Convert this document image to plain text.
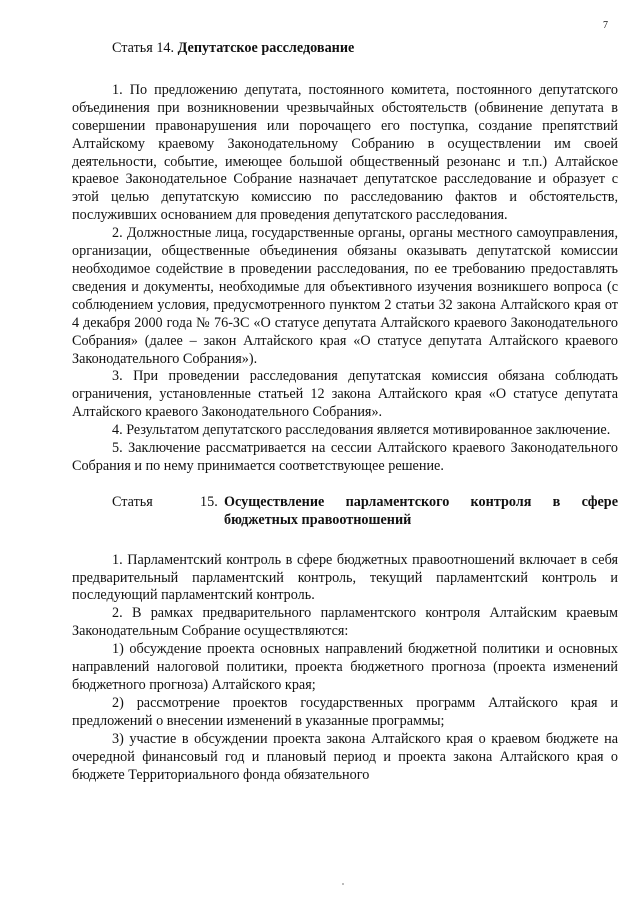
7
Статья 14. Депутатское расследование

1. По предложению депутата, постоянного комитета, постоянного депутатского объединения при возникновении чрезвычайных обстоятельств (обвинение депутата в совершении правонарушения или порочащего его поступка, создание препятствий Алтайскому краевому Законодательному Собранию в осуществлении им своей деятельности, событие, имеющее большой общественный резонанс и т.п.) Алтайское краевое Законодательное Собрание назначает депутатское расследование и образует с этой целью депутатскую комиссию по расследованию фактов и обстоятельств, послуживших основанием для проведения депутатского расследования.

2. Должностные лица, государственные органы, органы местного самоуправления, организации, общественные объединения обязаны оказывать депутатской комиссии необходимое содействие в проведении расследования, по ее требованию предоставлять сведения и документы, необходимые для объективного изучения возникшего вопроса (с соблюдением условия, предусмотренного пунктом 2 статьи 32 закона Алтайского края от 4 декабря 2000 года № 76-ЗС «О статусе депутата Алтайского краевого Законодательного Собрания» (далее – закон Алтайского края «О статусе депутата Алтайского краевого Законодательного Собрания»).

3. При проведении расследования депутатская комиссия обязана соблюдать ограничения, установленные статьей 12 закона Алтайского края «О статусе депутата Алтайского краевого Законодательного Собрания».

4. Результатом депутатского расследования является мотивированное заключение.

5. Заключение рассматривается на сессии Алтайского краевого Законодательного Собрания и по нему принимается соответствующее решение.

Статья	15. Осуществление парламентского контроля в сфере бюджетных правоотношений

1. Парламентский контроль в сфере бюджетных правоотношений включает в себя предварительный парламентский контроль, текущий парламентский контроль и последующий парламентский контроль.

2. В рамках предварительного парламентского контроля Алтайским краевым Законодательным Собрание осуществляются:

1) обсуждение проекта основных направлений бюджетной политики и основных направлений налоговой политики, проекта бюджетного прогноза (проекта изменений бюджетного прогноза) Алтайского края;

2) рассмотрение проектов государственных программ Алтайского края и предложений о внесении изменений в указанные программы;

3) участие в обсуждении проекта закона Алтайского края о краевом бюджете на очередной финансовый год и плановый период и проекта закона Алтайского края о бюджете Территориального фонда обязательного
